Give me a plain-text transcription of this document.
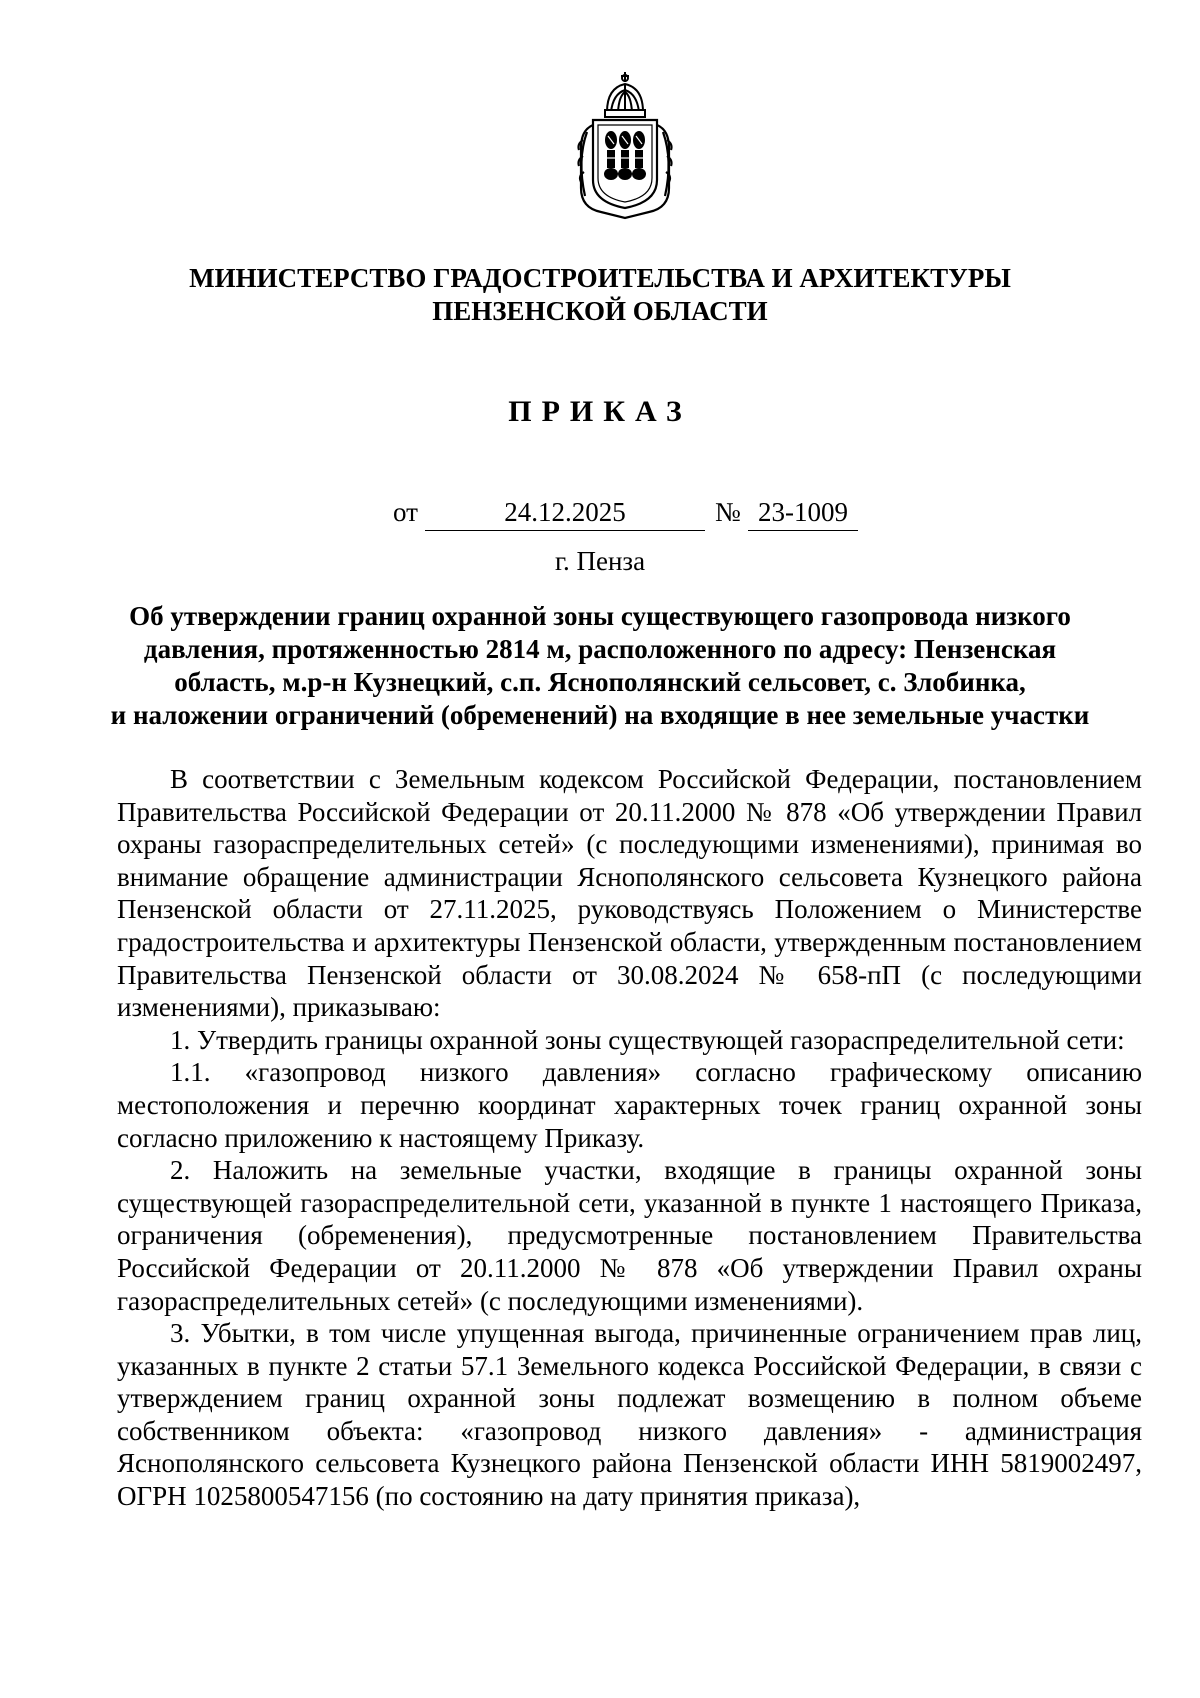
МИНИСТЕРСТВО ГРАДОСТРОИТЕЛЬСТВА И АРХИТЕКТУРЫ
ПЕНЗЕНСКОЙ ОБЛАСТИ
ПРИКАЗ
от	24.12.2025	№ 23-1009
г. Пенза
Об утверждении границ охранной зоны существующего газопровода низкого
давления, протяженностью 2814 м, расположенного по адресу: Пензенская
область, м.р-н Кузнецкий, с.п. Яснополянский сельсовет, с. Злобинка,
и наложении ограничений (обременений) на входящие в нее земельные участки

В соответствии с Земельным кодексом Российской Федерации, постановлением Правительства Российской Федерации от 20.11.2000 № 878 «Об утверждении Правил охраны газораспределительных сетей» (с последующими изменениями), принимая во внимание обращение администрации Яснополянского сельсовета Кузнецкого района Пензенской области от 27.11.2025, руководствуясь Положением о Министерстве градостроительства и архитектуры Пензенской области, утвержденным постановлением Правительства Пензенской области от 30.08.2024 № 658-пП (с последующими изменениями), приказываю:

1. Утвердить границы охранной зоны существующей газораспределительной сети:

1.1. «газопровод низкого давления» согласно графическому описанию местоположения и перечню координат характерных точек границ охранной зоны согласно приложению к настоящему Приказу.

2. Наложить на земельные участки, входящие в границы охранной зоны существующей газораспределительной сети, указанной в пункте 1 настоящего Приказа, ограничения (обременения), предусмотренные постановлением Правительства Российской Федерации от 20.11.2000 № 878 «Об утверждении Правил охраны газораспределительных сетей» (с последующими изменениями).

3. Убытки, в том числе упущенная выгода, причиненные ограничением прав лиц, указанных в пункте 2 статьи 57.1 Земельного кодекса Российской Федерации, в связи с утверждением границ охранной зоны подлежат возмещению в полном объеме собственником объекта: «газопровод низкого давления» - администрация Яснополянского сельсовета Кузнецкого района Пензенской области ИНН 5819002497, ОГРН 1025800547156 (по состоянию на дату принятия приказа),
